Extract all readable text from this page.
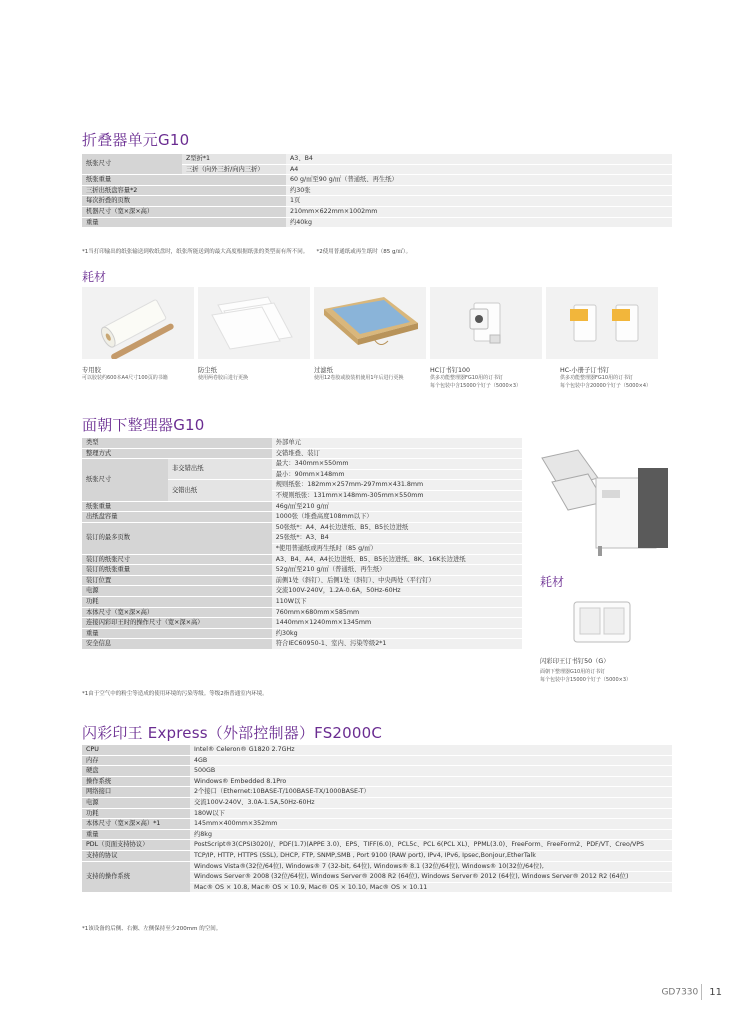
折叠器单元G10
纸张尺寸	Z型折*1	A3、B4
	三折（向外三折/向内三折）	A4
纸张重量		60 g/㎡至90 g/㎡（普通纸、再生纸）
三折出纸盘容量*2		约30张
每次折叠的页数		1页
机器尺寸（宽×深×高）		210mm×622mm×1002mm
重量		约40kg
*1当打印输出的纸张输送到收纸盘时，纸张所能送到的最大高度根据纸张的类型而有所不同。　　*2使用普通纸或再生纸时（85 g/㎡）。
耗材
专用胶
可以胶装约600本A4尺寸100页的书籍
防尘纸
使用两卷胶后进行更换
过滤纸
使用12卷胶或胶装机使用1年后进行更换
HC订书钉100
供多功能整理器FG10用的订书钉
每个包装中含15000个钉子（5000×3）
HC-小册子订书钉
供多功能整理器FG10用的订书钉
每个包装中含20000个钉子（5000×4）
面朝下整理器G10
类型		外部单元
整理方式		交错堆叠、装订
纸张尺寸	非交错出纸	最大：340mm×550mm
		最小：90mm×148mm
	交错出纸	规则纸张：182mm×257mm-297mm×431.8mm
		不规则纸张：131mm×148mm-305mm×550mm
纸张重量		46g/㎡至210 g/㎡
出纸盘容量		1000张（堆叠高度108mm以下）
装订的最多页数		50张纸*：A4、A4长边进纸、B5、B5长边进纸
		25张纸*：A3、B4
		*使用普通纸或再生纸时（85 g/㎡）
装订的纸张尺寸		A3、B4、A4、A4长边进纸、B5、B5长边进纸、8K、16K长边进纸
装订的纸张重量		52g/㎡至210 g/㎡（普通纸、再生纸）
装订位置		前侧1处（斜钉）、后侧1处（斜钉）、中央两处（平行钉）
电源		交流100V-240V，1.2A-0.6A，50Hz-60Hz
功耗		110W以下
本体尺寸（宽×深×高）		760mm×680mm×585mm
连接闪彩印王时的操作尺寸（宽×深×高）		1440mm×1240mm×1345mm
重量		约30kg
安全信息		符合IEC60950-1、室内、污染等级2*1
*1由于空气中的粉尘等造成的使用环境的污染等级。等级2指普通室内环境。
耗材
闪彩印王订书钉50（G）
面朝下整理器G10用的订书钉
每个包装中含15000个钉子（5000×3）
闪彩印王 Express（外部控制器）FS2000C
CPU	Intel® Celeron® G1820 2.7GHz
内存	4GB
硬盘	500GB
操作系统	Windows® Embedded 8.1Pro
网络接口	2个接口（Ethernet:10BASE-T/100BASE-TX/1000BASE-T）
电源	交流100V-240V、3.0A-1.5A,50Hz-60Hz
功耗	180W以下
本体尺寸（宽×深×高）*1	145mm×400mm×352mm
重量	约8kg
PDL（页面支持协议）	PostScript®3(CPSI3020)/、PDF(1.7)(APPE 3.0)、EPS、TIFF(6.0)、PCL5c、PCL 6(PCL XL)、PPML(3.0)、FreeForm、FreeForm2、PDF/VT、Creo/VPS
支持的协议	TCP/IP, HTTP, HTTPS (SSL), DHCP, FTP, SNMP,SMB , Port 9100 (RAW port), IPv4, IPv6, Ipsec,Bonjour,EtherTalk
支持的操作系统	Windows Vista®(32位/64位), Windows® 7 (32-bit, 64位), Windows® 8.1 (32位/64位), Windows® 10(32位/64位),
	Windows Server® 2008 (32位/64位), Windows Server® 2008 R2 (64位), Windows Server® 2012 (64位), Windows Server® 2012 R2 (64位)
	Mac® OS × 10.8, Mac® OS × 10.9, Mac® OS × 10.10, Mac® OS × 10.11
*1该设备的后侧、右侧、左侧保持至少200mm 的空间。
GD7330 11
